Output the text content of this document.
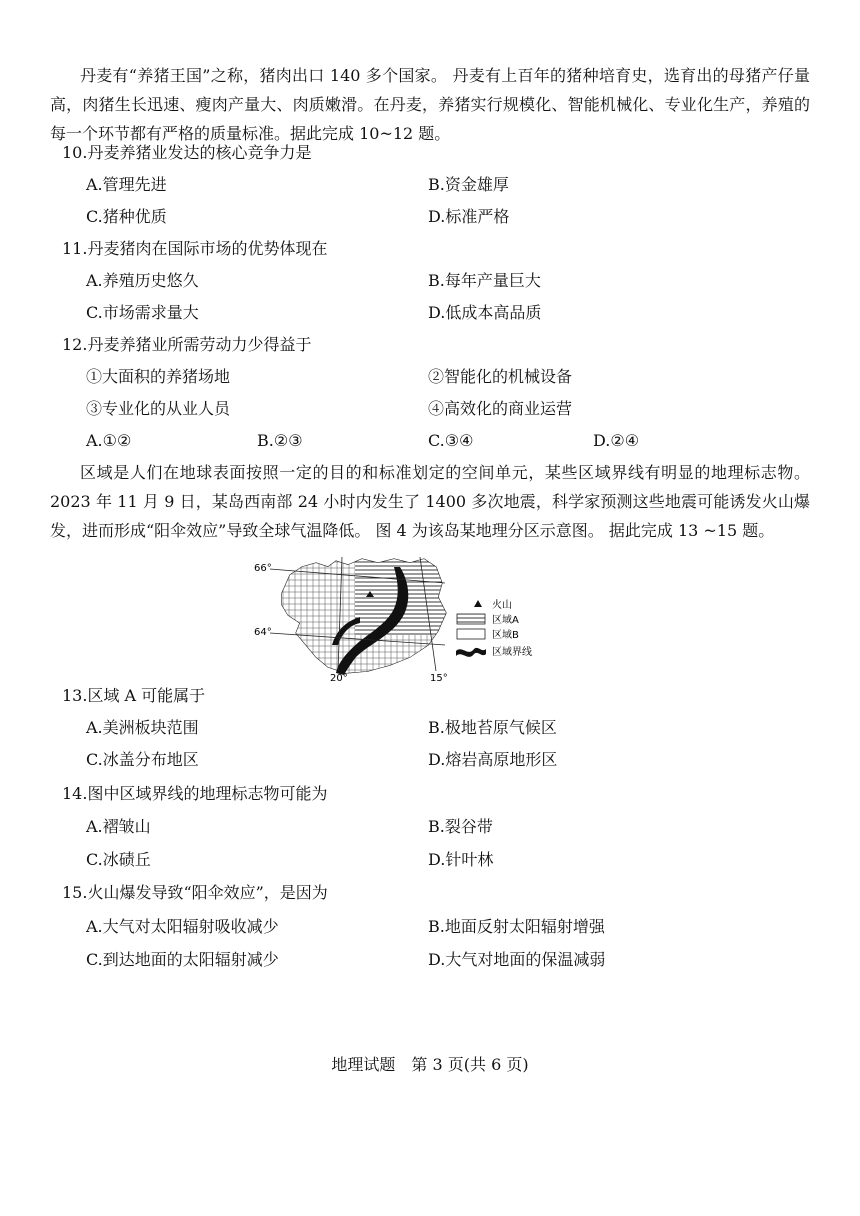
丹麦有“养猪王国”之称，猪肉出口 140 多个国家。 丹麦有上百年的猪种培育史，选育出的母猪产仔量高，肉猪生长迅速、瘦肉产量大、肉质嫩滑。在丹麦，养猪实行规模化、智能机械化、专业化生产，养殖的每一个环节都有严格的质量标准。据此完成 10~12 题。

10.丹麦养猪业发达的核心竞争力是
A.管理先进	B.资金雄厚
C.猪种优质	D.标准严格
11.丹麦猪肉在国际市场的优势体现在
A.养殖历史悠久	B.每年产量巨大
C.市场需求量大	D.低成本高品质
12.丹麦养猪业所需劳动力少得益于
①大面积的养猪场地	②智能化的机械设备
③专业化的从业人员	④高效化的商业运营
A.①②	B.②③	C.③④	D.②④

区域是人们在地球表面按照一定的目的和标准划定的空间单元，某些区域界线有明显的地理标志物。2023 年 11 月 9 日，某岛西南部 24 小时内发生了 1400 多次地震，科学家预测这些地震可能诱发火山爆发，进而形成“阳伞效应”导致全球气温降低。 图 4 为该岛某地理分区示意图。 据此完成 13 ~15 题。

66°
64°
20°	15°
火山
区域A
区域B
区域界线
13.区域 A 可能属于
A.美洲板块范围	B.极地苔原气候区
C.冰盖分布地区	D.熔岩高原地形区
14.图中区域界线的地理标志物可能为
A.褶皱山	B.裂谷带
C.冰碛丘	D.针叶林
15.火山爆发导致“阳伞效应”，是因为
A.大气对太阳辐射吸收减少	B.地面反射太阳辐射增强
C.到达地面的太阳辐射减少	D.大气对地面的保温减弱
地理试题　第 3 页(共 6 页)
